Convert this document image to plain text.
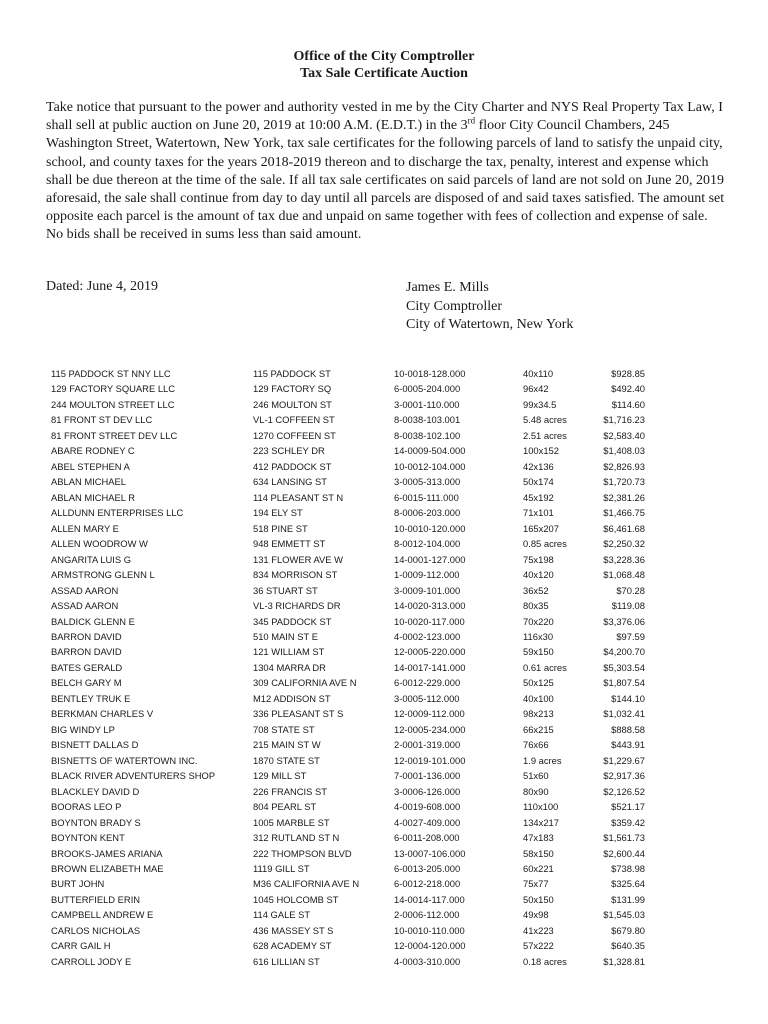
Office of the City Comptroller
Tax Sale Certificate Auction
Take notice that pursuant to the power and authority vested in me by the City Charter and NYS Real Property Tax Law, I shall sell at public auction on June 20, 2019 at 10:00 A.M. (E.D.T.) in the 3rd floor City Council Chambers, 245 Washington Street, Watertown, New York, tax sale certificates for the following parcels of land to satisfy the unpaid city, school, and county taxes for the years 2018-2019 thereon and to discharge the tax, penalty, interest and expense which shall be due thereon at the time of the sale. If all tax sale certificates on said parcels of land are not sold on June 20, 2019 aforesaid, the sale shall continue from day to day until all parcels are disposed of and said taxes satisfied. The amount set opposite each parcel is the amount of tax due and unpaid on same together with fees of collection and expense of sale. No bids shall be received in sums less than said amount.
Dated: June 4, 2019	James E. Mills
City Comptroller
City of Watertown, New York
115 PADDOCK ST NNY LLC	115 PADDOCK ST	10-0018-128.000	40x110	$928.85
129 FACTORY SQUARE LLC	129 FACTORY SQ	6-0005-204.000	96x42	$492.40
244 MOULTON STREET LLC	246 MOULTON ST	3-0001-110.000	99x34.5	$114.60
81 FRONT ST DEV LLC	VL-1 COFFEEN ST	8-0038-103.001	5.48 acres	$1,716.23
81 FRONT STREET DEV LLC	1270 COFFEEN ST	8-0038-102.100	2.51 acres	$2,583.40
ABARE RODNEY C	223 SCHLEY DR	14-0009-504.000	100x152	$1,408.03
ABEL STEPHEN A	412 PADDOCK ST	10-0012-104.000	42x136	$2,826.93
ABLAN MICHAEL	634 LANSING ST	3-0005-313.000	50x174	$1,720.73
ABLAN MICHAEL R	114 PLEASANT ST N	6-0015-111.000	45x192	$2,381.26
ALLDUNN ENTERPRISES LLC	194 ELY ST	8-0006-203.000	71x101	$1,466.75
ALLEN MARY E	518 PINE ST	10-0010-120.000	165x207	$6,461.68
ALLEN WOODROW W	948 EMMETT ST	8-0012-104.000	0.85 acres	$2,250.32
ANGARITA LUIS G	131 FLOWER AVE W	14-0001-127.000	75x198	$3,228.36
ARMSTRONG GLENN L	834 MORRISON ST	1-0009-112.000	40x120	$1,068.48
ASSAD AARON	36 STUART ST	3-0009-101.000	36x52	$70.28
ASSAD AARON	VL-3 RICHARDS DR	14-0020-313.000	80x35	$119.08
BALDICK GLENN E	345 PADDOCK ST	10-0020-117.000	70x220	$3,376.06
BARRON DAVID	510 MAIN ST E	4-0002-123.000	116x30	$97.59
BARRON DAVID	121 WILLIAM ST	12-0005-220.000	59x150	$4,200.70
BATES GERALD	1304 MARRA DR	14-0017-141.000	0.61 acres	$5,303.54
BELCH GARY M	309 CALIFORNIA AVE N	6-0012-229.000	50x125	$1,807.54
BENTLEY TRUK E	M12 ADDISON ST	3-0005-112.000	40x100	$144.10
BERKMAN CHARLES V	336 PLEASANT ST S	12-0009-112.000	98x213	$1,032.41
BIG WINDY LP	708 STATE ST	12-0005-234.000	66x215	$888.58
BISNETT DALLAS D	215 MAIN ST W	2-0001-319.000	76x66	$443.91
BISNETTS OF WATERTOWN INC.	1870 STATE ST	12-0019-101.000	1.9 acres	$1,229.67
BLACK RIVER ADVENTURERS SHOP	129 MILL ST	7-0001-136.000	51x60	$2,917.36
BLACKLEY DAVID D	226 FRANCIS ST	3-0006-126.000	80x90	$2,126.52
BOORAS LEO P	804 PEARL ST	4-0019-608.000	110x100	$521.17
BOYNTON BRADY S	1005 MARBLE ST	4-0027-409.000	134x217	$359.42
BOYNTON KENT	312 RUTLAND ST N	6-0011-208.000	47x183	$1,561.73
BROOKS-JAMES ARIANA	222 THOMPSON BLVD	13-0007-106.000	58x150	$2,600.44
BROWN ELIZABETH MAE	1119 GILL ST	6-0013-205.000	60x221	$738.98
BURT JOHN	M36 CALIFORNIA AVE N	6-0012-218.000	75x77	$325.64
BUTTERFIELD ERIN	1045 HOLCOMB ST	14-0014-117.000	50x150	$131.99
CAMPBELL ANDREW E	114 GALE ST	2-0006-112.000	49x98	$1,545.03
CARLOS NICHOLAS	436 MASSEY ST S	10-0010-110.000	41x223	$679.80
CARR GAIL H	628 ACADEMY ST	12-0004-120.000	57x222	$640.35
CARROLL JODY E	616 LILLIAN ST	4-0003-310.000	0.18 acres	$1,328.81
